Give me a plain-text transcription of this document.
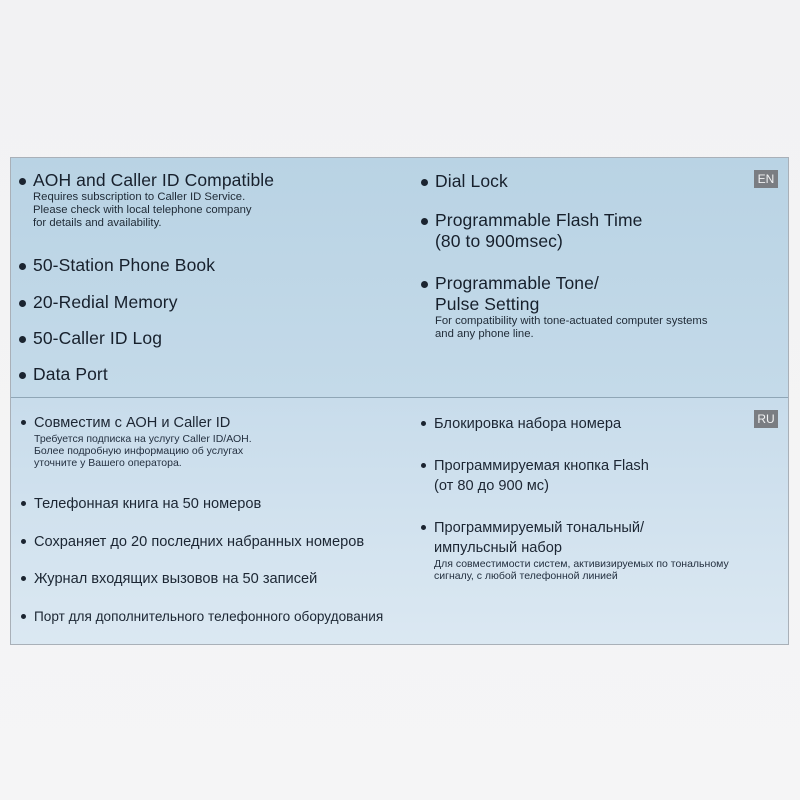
EN
AOH and Caller ID Compatible
Requires subscription to Caller ID Service.
Please check with local telephone company
for details and availability.
50-Station Phone Book
20-Redial Memory
50-Caller ID Log
Data Port
Dial Lock
Programmable Flash Time
(80 to 900msec)
Programmable Tone/
Pulse Setting
For compatibility with tone-actuated computer systems
and any phone line.
RU
Совместим с АОН и Caller ID
Требуется подписка на услугу Caller ID/АОН.
Более подробную информацию об услугах
уточните у Вашего оператора.
Телефонная книга на 50 номеров
Сохраняет до 20 последних набранных номеров
Журнал входящих вызовов на 50 записей
Порт для дополнительного телефонного оборудования
Блокировка набора номера
Программируемая кнопка Flash
(от 80 до 900 мс)
Программируемый тональный/
импульсный набор
Для совместимости систем, активизируемых по тональному
сигналу, с любой телефонной линией
